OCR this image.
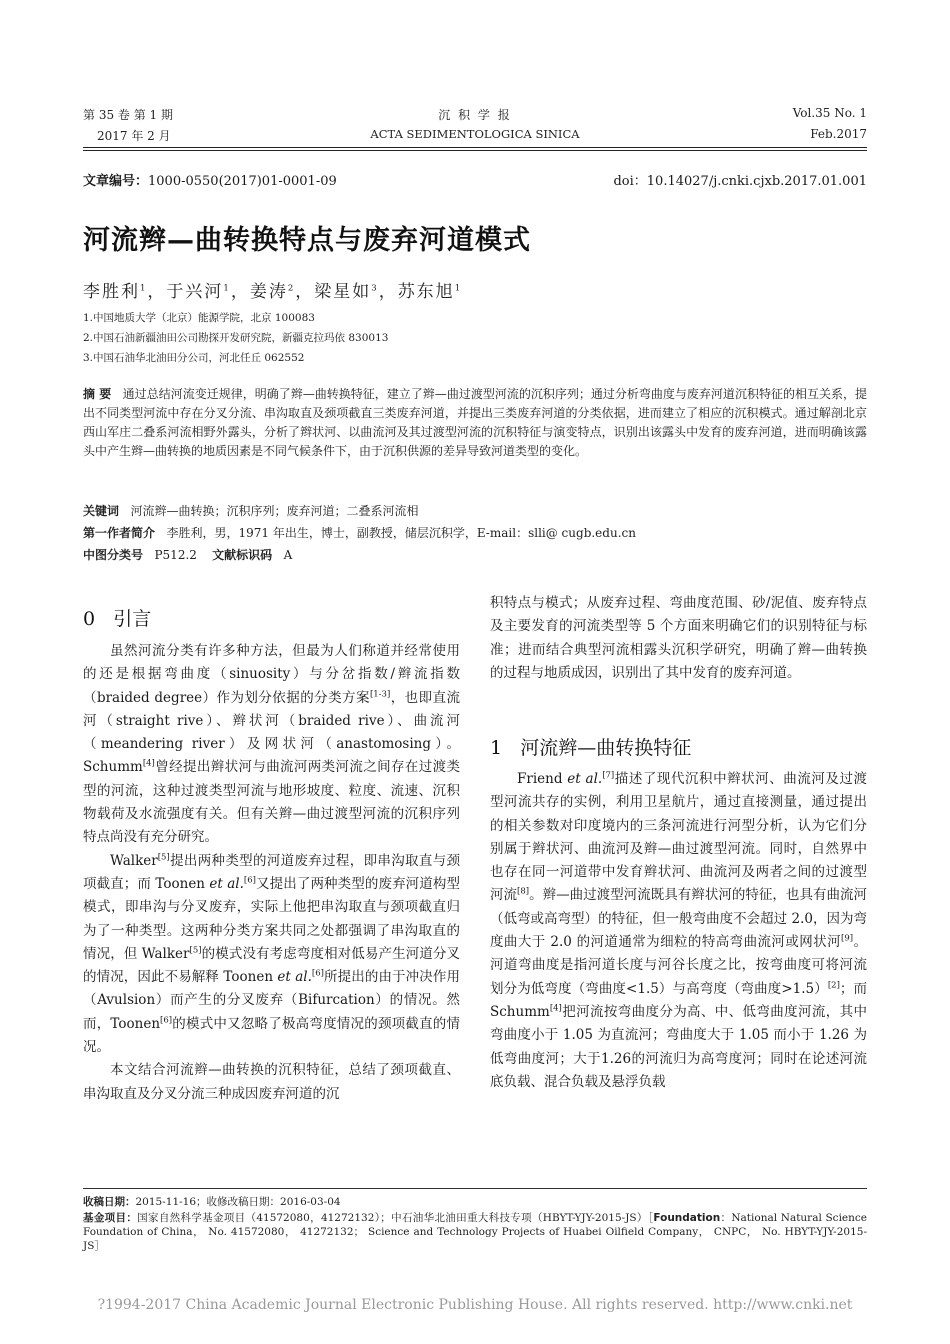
第 35 卷 第 1 期
2017 年 2 月
沉 积 学 报
ACTA SEDIMENTOLOGICA SINICA
Vol.35 No. 1
Feb.2017
文章编号：1000-0550(2017)01-0001-09	doi：10.14027/j.cnki.cjxb.2017.01.001
河流辫—曲转换特点与废弃河道模式
李胜利$^1$，于兴河$^1$，姜涛$^2$，梁星如$^3$，苏东旭$^1$
1.中国地质大学（北京）能源学院，北京 100083
2.中国石油新疆油田公司勘探开发研究院，新疆克拉玛依 830013
3.中国石油华北油田分公司，河北任丘 062552
摘 要 通过总结河流变迁规律，明确了辫—曲转换特征，建立了辫—曲过渡型河流的沉积序列；通过分析弯曲度与废弃河道沉积特征的相互关系，提出不同类型河流中存在分叉分流、串沟取直及颈项截直三类废弃河道，并提出三类废弃河道的分类依据，进而建立了相应的沉积模式。通过解剖北京西山军庄二叠系河流相野外露头，分析了辫状河、以曲流河及其过渡型河流的沉积特征与演变特点，识别出该露头中发育的废弃河道，进而明确该露头中产生辫—曲转换的地质因素是不同气候条件下，由于沉积供源的差异导致河道类型的变化。
关键词 河流辫—曲转换；沉积序列；废弃河道；二叠系河流相
第一作者简介 李胜利，男，1971 年出生，博士，副教授，储层沉积学，E-mail：slli@ cugb.edu.cn
中图分类号 P512.2 文献标识码 A
0 引言

虽然河流分类有许多种方法，但最为人们称道并经常使用的还是根据弯曲度（sinuosity）与分岔指数/辫流指数（braided degree）作为划分依据的分类方案[1-3]，也即直流河（straight rive）、辫状河（braided rive）、曲流河（meandering river）及网状河（anastomosing）。Schumm[4]曾经提出辫状河与曲流河两类河流之间存在过渡类型的河流，这种过渡类型河流与地形坡度、粒度、流速、沉积物载荷及水流强度有关。但有关辫—曲过渡型河流的沉积序列特点尚没有充分研究。

Walker[5]提出两种类型的河道废弃过程，即串沟取直与颈项截直；而 Toonen et al.[6]又提出了两种类型的废弃河道构型模式，即串沟与分叉废弃，实际上他把串沟取直与颈项截直归为了一种类型。这两种分类方案共同之处都强调了串沟取直的情况，但 Walker[5]的模式没有考虑弯度相对低易产生河道分叉的情况，因此不易解释 Toonen et al.[6]所提出的由于冲决作用（Avulsion）而产生的分叉废弃（Bifurcation）的情况。然而，Toonen[6]的模式中又忽略了极高弯度情况的颈项截直的情况。

本文结合河流辫—曲转换的沉积特征，总结了颈项截直、串沟取直及分叉分流三种成因废弃河道的沉

积特点与模式；从废弃过程、弯曲度范围、砂/泥值、废弃特点及主要发育的河流类型等 5 个方面来明确它们的识别特征与标准；进而结合典型河流相露头沉积学研究，明确了辫—曲转换的过程与地质成因，识别出了其中发育的废弃河道。

1 河流辫—曲转换特征

Friend et al.[7]描述了现代沉积中辫状河、曲流河及过渡型河流共存的实例，利用卫星航片，通过直接测量，通过提出的相关参数对印度境内的三条河流进行河型分析，认为它们分别属于辫状河、曲流河及辫—曲过渡型河流。同时，自然界中也存在同一河道带中发育辫状河、曲流河及两者之间的过渡型河流[8]。辫—曲过渡型河流既具有辫状河的特征，也具有曲流河（低弯或高弯型）的特征，但一般弯曲度不会超过 2.0，因为弯度曲大于 2.0 的河道通常为细粒的特高弯曲流河或网状河[9]。河道弯曲度是指河道长度与河谷长度之比，按弯曲度可将河流划分为低弯度（弯曲度<1.5）与高弯度（弯曲度>1.5）[2]；而 Schumm[4]把河流按弯曲度分为高、中、低弯曲度河流，其中弯曲度小于 1.05 为直流河；弯曲度大于 1.05 而小于 1.26 为低弯曲度河；大于1.26的河流归为高弯度河；同时在论述河流底负载、混合负载及悬浮负载

收稿日期：2015-11-16；收修改稿日期：2016-03-04
基金项目：国家自然科学基金项目（41572080，41272132）；中石油华北油田重大科技专项（HBYT-YJY-2015-JS）［Foundation：National Natural Science Foundation of China， No. 41572080， 41272132； Science and Technology Projects of Huabei Oilfield Company， CNPC， No. HBYT-YJY-2015-JS］
?1994-2017 China Academic Journal Electronic Publishing House. All rights reserved. http://www.cnki.net
